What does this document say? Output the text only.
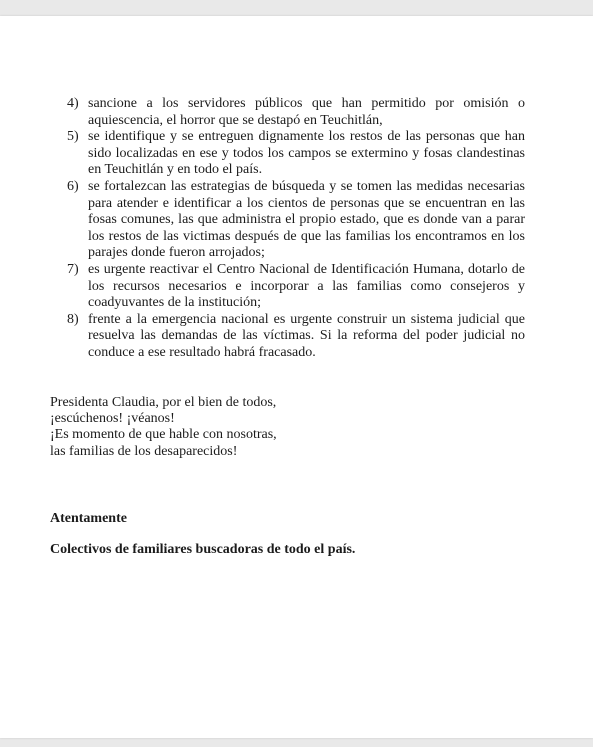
4) sancione a los servidores públicos que han permitido por omisión o aquiescencia, el horror que se destapó en Teuchitlán,
5) se identifique y se entreguen dignamente los restos de las personas que han sido localizadas en ese y todos los campos se extermino y fosas clandestinas en Teuchitlán y en todo el país.
6) se fortalezcan las estrategias de búsqueda y se tomen las medidas necesarias para atender e identificar a los cientos de personas que se encuentran en las fosas comunes, las que administra el propio estado, que es donde van a parar los restos de las victimas después de que las familias los encontramos en los parajes donde fueron arrojados;
7) es urgente reactivar el Centro Nacional de Identificación Humana, dotarlo de los recursos necesarios e incorporar a las familias como consejeros y coadyuvantes de la institución;
8) frente a la emergencia nacional es urgente construir un sistema judicial que resuelva las demandas de las víctimas. Si la reforma del poder judicial no conduce a ese resultado habrá fracasado.
Presidenta Claudia, por el bien de todos,
¡escúchenos! ¡véanos!
¡Es momento de que hable con nosotras,
las familias de los desaparecidos!
Atentamente
Colectivos de familiares buscadoras de todo el país.
